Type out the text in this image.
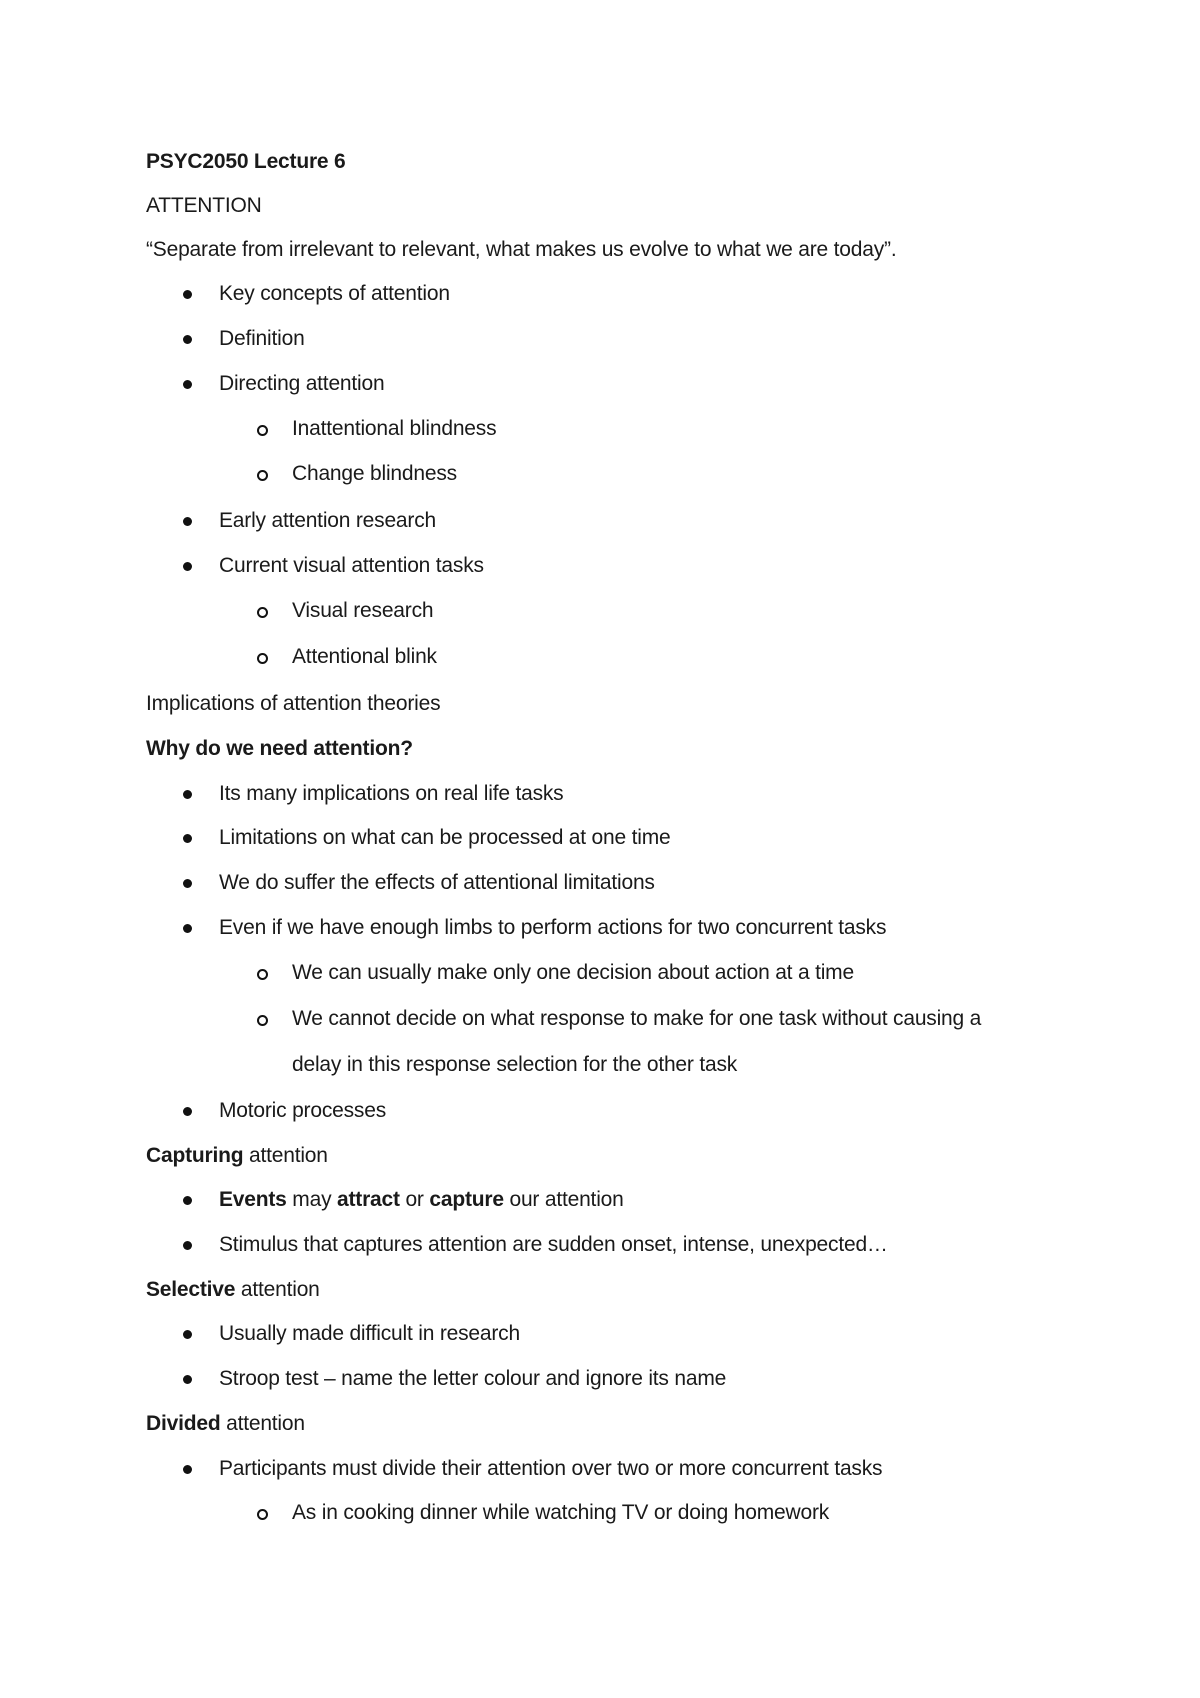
PSYC2050 Lecture 6
ATTENTION
“Separate from irrelevant to relevant, what makes us evolve to what we are today”.
Key concepts of attention
Definition
Directing attention
Inattentional blindness
Change blindness
Early attention research
Current visual attention tasks
Visual research
Attentional blink
Implications of attention theories
Why do we need attention?
Its many implications on real life tasks
Limitations on what can be processed at one time
We do suffer the effects of attentional limitations
Even if we have enough limbs to perform actions for two concurrent tasks
We can usually make only one decision about action at a time
We cannot decide on what response to make for one task without causing a
delay in this response selection for the other task
Motoric processes
Capturing attention
Events may attract or capture our attention
Stimulus that captures attention are sudden onset, intense, unexpected…
Selective attention
Usually made difficult in research
Stroop test – name the letter colour and ignore its name
Divided attention
Participants must divide their attention over two or more concurrent tasks
As in cooking dinner while watching TV or doing homework
